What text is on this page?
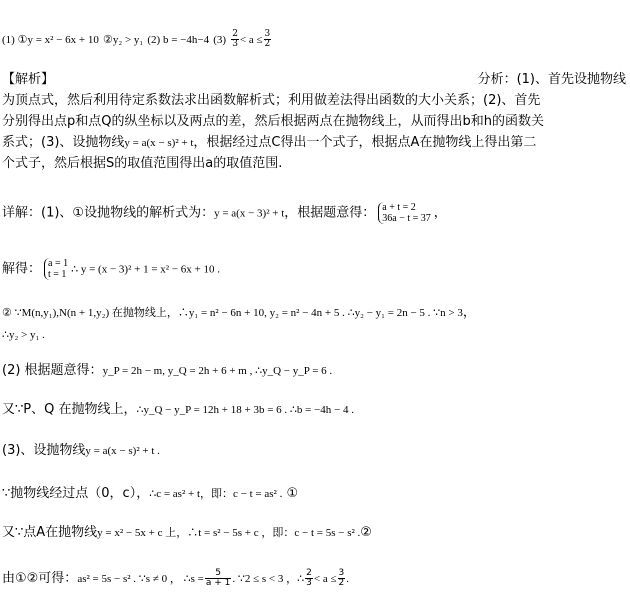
(1) ①y = x² − 6x + 10 ②y₂ > y₁ (2) b = −4h−4 $(3) \frac{2}{3} < a \le \frac{3}{2}$
【解析】	分析：(1)、首先设抛物线
为顶点式，然后利用待定系数法求出函数解析式；利用做差法得出函数的大小关系；(2)、首先
分别得出点p和点Q的纵坐标以及两点的差，然后根据两点在抛物线上，从而得出b和h的函数关
系式；(3)、设抛物线y = a(x − s)² + t，根据经过点C得出一个式子，根据点A在抛物线上得出第二
个式子，然后根据S的取值范围得出a的取值范围.
详解：(1)、①设抛物线的解析式为：y = a(x − 3)² + t，根据题意得： a + t = 2
36a − t = 37 ，
解得： a = 1
t = 1 ∴ y = (x − 3)² + 1 = x² − 6x + 10 .
② ∵M(n,y₁),N(n + 1,y₂) 在抛物线上，∴y₁ = n² − 6n + 10, y₂ = n² − 4n + 5 . ∴y₂ − y₁ = 2n − 5 . ∵n > 3，
∴y₂ > y₁ .
(2) 根据题意得：y_P = 2h − m, y_Q = 2h + 6 + m , ∴y_Q − y_P = 6 .
又∵P、Q 在抛物线上，∴y_Q − y_P = 12h + 18 + 3b = 6 . ∴b = −4h − 4 .
(3)、设抛物线y = a(x − s)² + t .
∵抛物线经过点（0，c），∴c = as² + t，即：c − t = as² . ①
又∵点A在抛物线y = x² − 5x + c 上，∴t = s² − 5s + c ，即：c − t = 5s − s² .②
由①②可得：as² = 5s − s² . ∵s ≠ 0 ， ∴s = $\frac{5}{a + 1}$ . ∵2 ≤ s < 3 ，∴ $\frac{2}{3} < a \le \frac{3}{2}$ .
